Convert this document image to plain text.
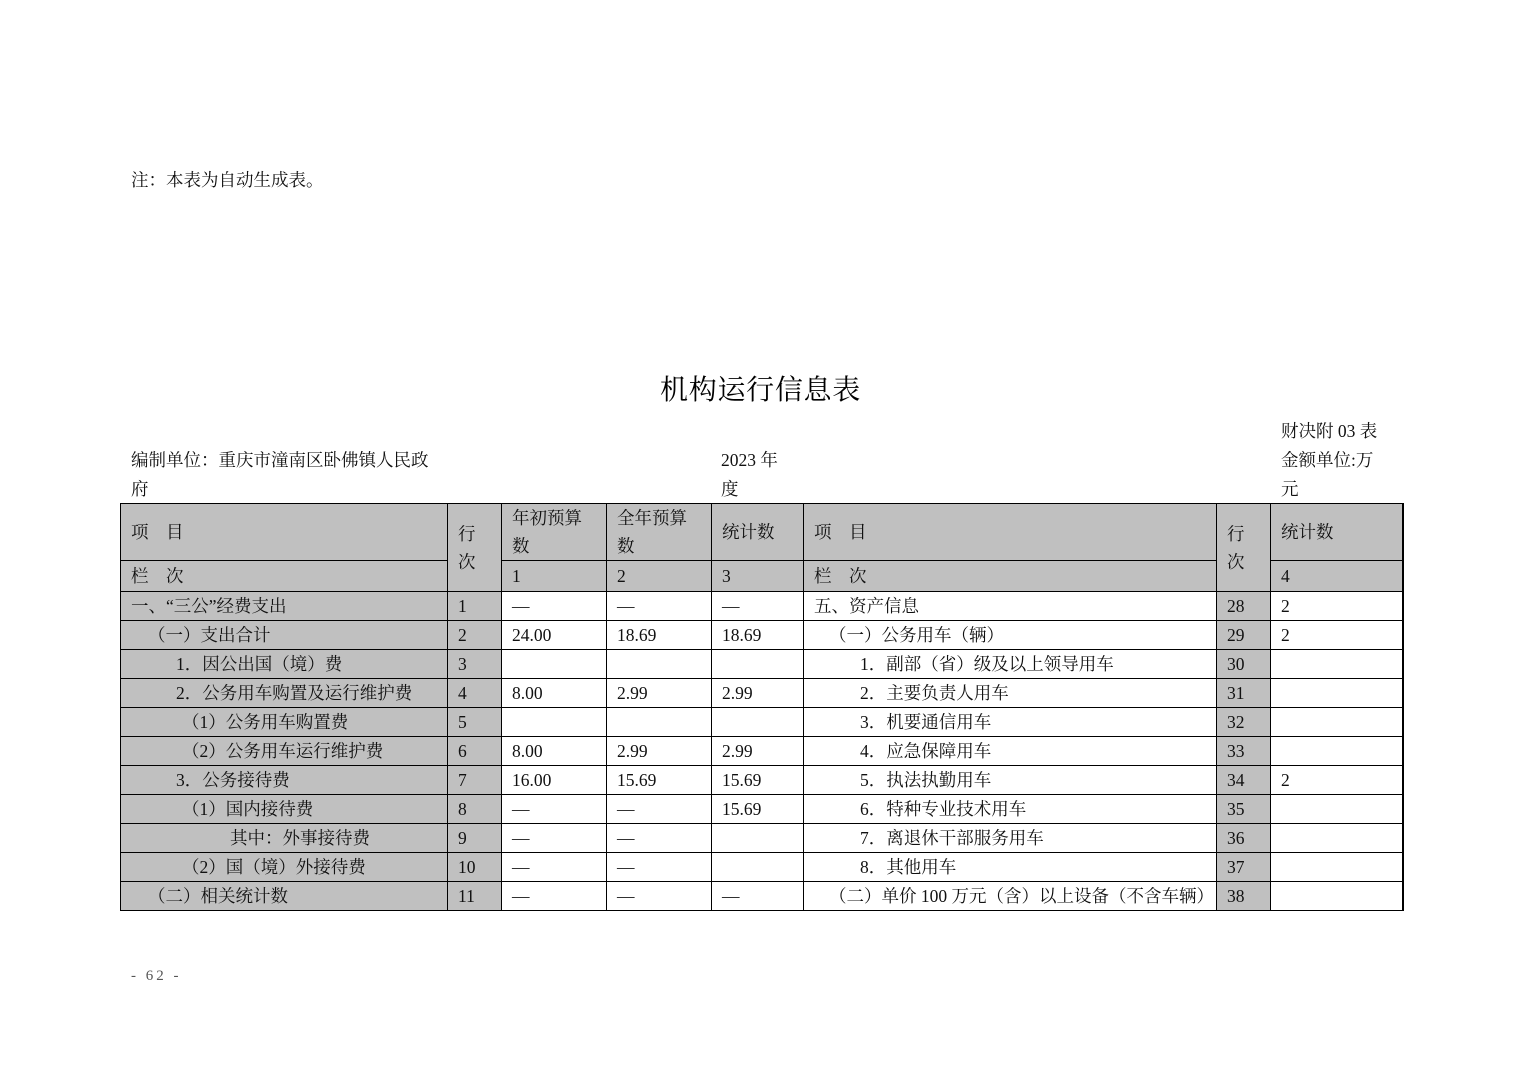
注：本表为自动生成表。
机构运行信息表
编制单位：重庆市潼南区卧佛镇人民政府
2023 年度
财决附 03 表
金额单位:万元
项　目	行次	年初预算数	全年预算数	统计数	项　目	行次	统计数
栏　次		1	2	3	栏　次		4
一、“三公”经费支出	1	—	—	—	五、资产信息	28	2
（一）支出合计	2	24.00	18.69	18.69	（一）公务用车（辆）	29	2
1．因公出国（境）费	3				1．副部（省）级及以上领导用车	30	
2．公务用车购置及运行维护费	4	8.00	2.99	2.99	2．主要负责人用车	31	
（1）公务用车购置费	5				3．机要通信用车	32	
（2）公务用车运行维护费	6	8.00	2.99	2.99	4．应急保障用车	33	
3．公务接待费	7	16.00	15.69	15.69	5．执法执勤用车	34	2
（1）国内接待费	8	—	—	15.69	6．特种专业技术用车	35	
其中：外事接待费	9	—	—		7．离退休干部服务用车	36	
（2）国（境）外接待费	10	—	—		8．其他用车	37	
（二）相关统计数	11	—	—	—	（二）单价 100 万元（含）以上设备（不含车辆）	38	
- 62 -
